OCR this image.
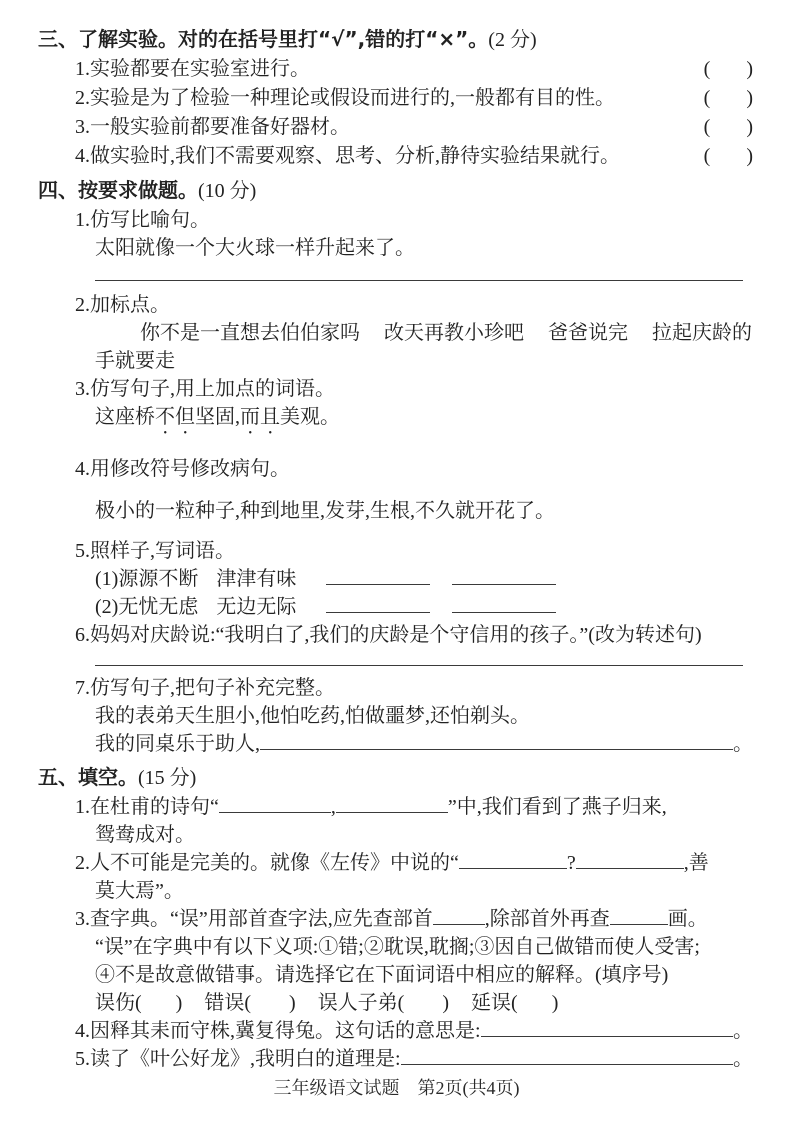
三、了解实验。对的在括号里打“√”,错的打“×”。(2 分)
1.实验都要在实验室进行。	( )
2.实验是为了检验一种理论或假设而进行的,一般都有目的性。	( )
3.一般实验前都要准备好器材。	( )
4.做实验时,我们不需要观察、思考、分析,静待实验结果就行。	( )
四、按要求做题。(10 分)
1.仿写比喻句。
太阳就像一个大火球一样升起来了。
2.加标点。
你不是一直想去伯伯家吗 改天再教小珍吧 爸爸说完 拉起庆龄的
手就要走
3.仿写句子,用上加点的词语。
这座桥 不但 坚固, 而且 美观。
4.用修改符号修改病句。
极小的一粒种子,种到地里,发芽,生根,不久就开花了。
5.照样子,写词语。
(1)源源不断 津津有味
(2)无忧无虑 无边无际
6.妈妈对庆龄说:“我明白了,我们的庆龄是个守信用的孩子。”(改为转述句)
7.仿写句子,把句子补充完整。
我的表弟天生胆小,他怕吃药,怕做噩梦,还怕剃头。
我的同桌乐于助人,	。
五、填空。(15 分)
1.在杜甫的诗句“	,	”中,我们看到了燕子归来,
鸳鸯成对。
2.人不可能是完美的。就像《左传》中说的“	?	,善
莫大焉”。
3.查字典。“误”用部首查字法,应先查部首	,除部首外再查	画。
“误”在字典中有以下义项:①错;②耽误,耽搁;③因自己做错而使人受害;
④不是故意做错事。请选择它在下面词语中相应的解释。(填序号)
误伤( ) 错误( ) 误人子弟( ) 延误( )
4.因释其耒而守株,冀复得兔。这句话的意思是:	。
5.读了《叶公好龙》,我明白的道理是:	。
三年级语文试题　第2页(共4页)
